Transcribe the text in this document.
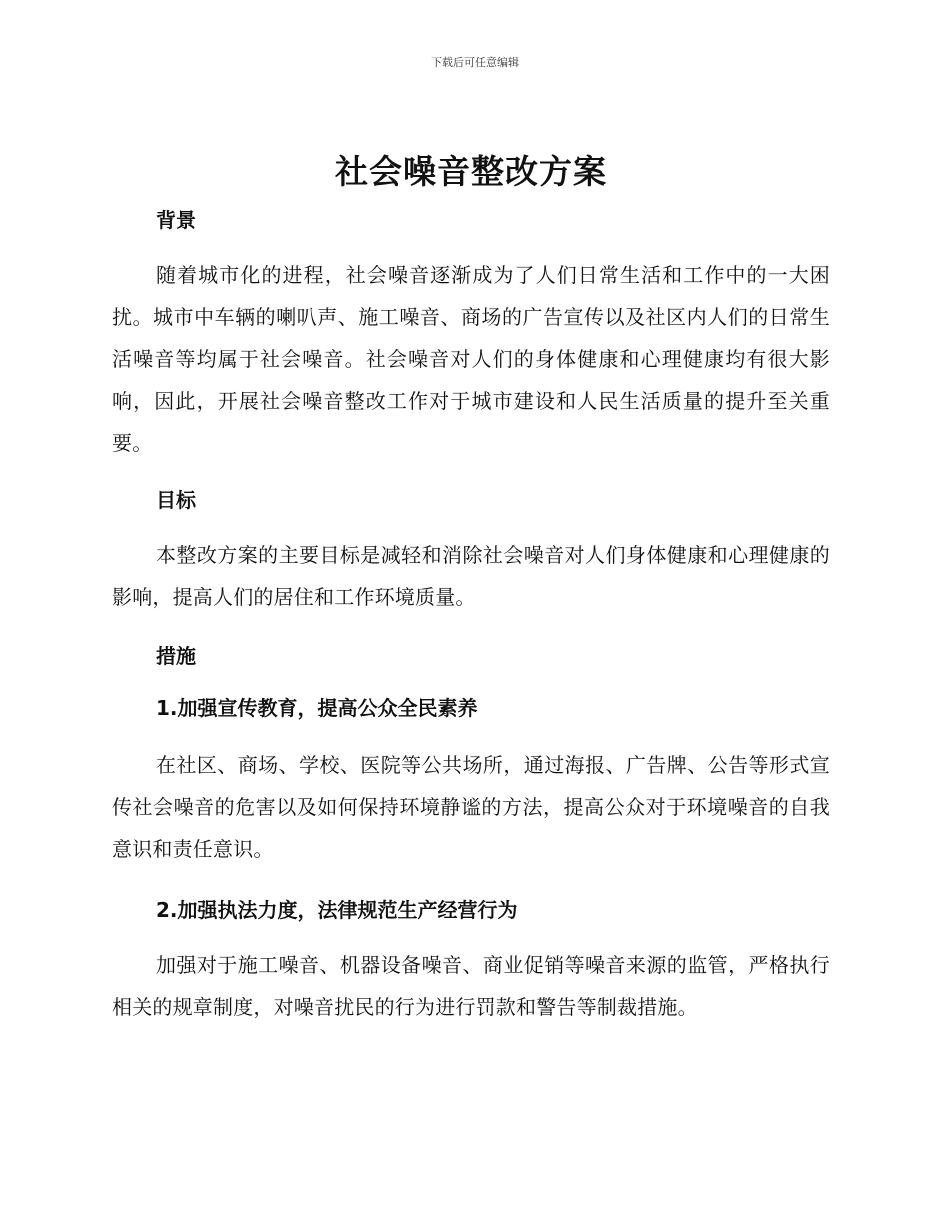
下载后可任意编辑
社会噪音整改方案
背景

随着城市化的进程，社会噪音逐渐成为了人们日常生活和工作中的一大困扰。城市中车辆的喇叭声、施工噪音、商场的广告宣传以及社区内人们的日常生活噪音等均属于社会噪音。社会噪音对人们的身体健康和心理健康均有很大影响，因此，开展社会噪音整改工作对于城市建设和人民生活质量的提升至关重要。

目标

本整改方案的主要目标是减轻和消除社会噪音对人们身体健康和心理健康的影响，提高人们的居住和工作环境质量。

措施
1.加强宣传教育，提高公众全民素养

在社区、商场、学校、医院等公共场所，通过海报、广告牌、公告等形式宣传社会噪音的危害以及如何保持环境静谧的方法，提高公众对于环境噪音的自我意识和责任意识。

2.加强执法力度，法律规范生产经营行为

加强对于施工噪音、机器设备噪音、商业促销等噪音来源的监管，严格执行相关的规章制度，对噪音扰民的行为进行罚款和警告等制裁措施。
